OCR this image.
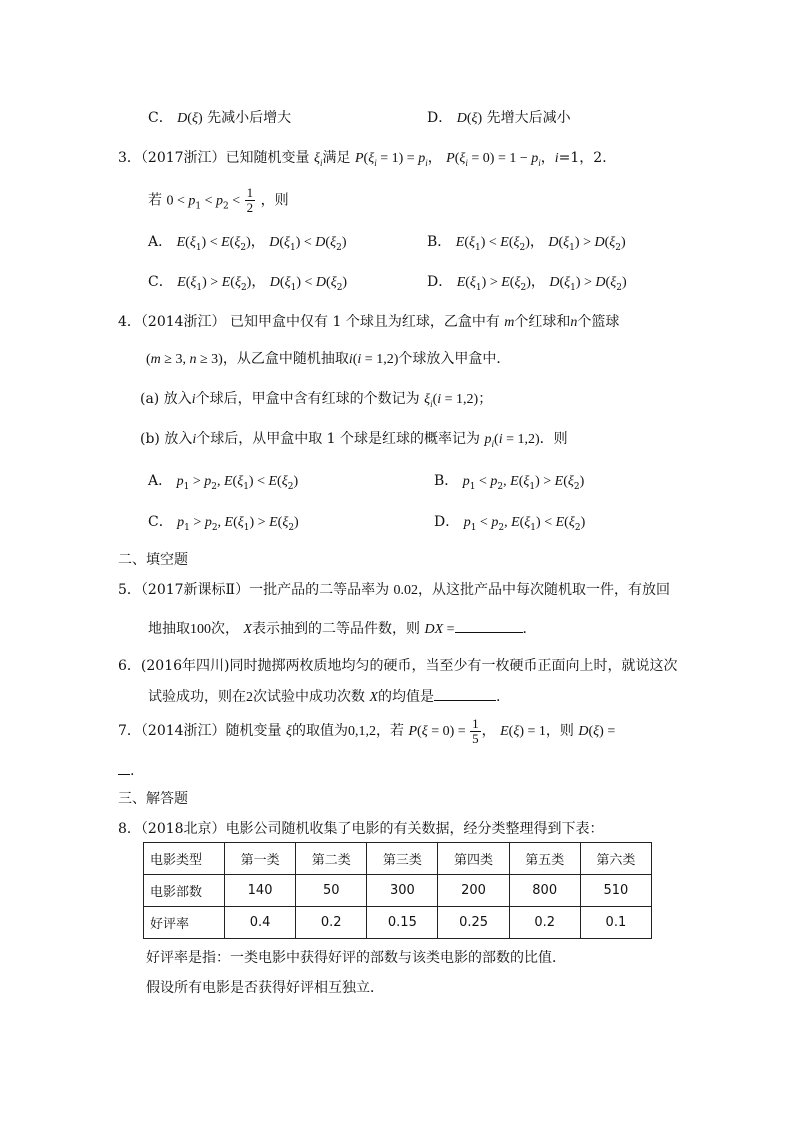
C． D(ξ) 先减小后增大	D． D(ξ) 先增大后减小
3．（2017浙江）已知随机变量 $\xi_i$满足 $P(\xi_i = 1) = p_i$， $P(\xi_i = 0) = 1 - p_i$，i=1，2．
若 $0 < p_1 < p_2 < \frac{1}{2}$ ，则
A． $E(\xi_1) < E(\xi_2)$， $D(\xi_1) < D(\xi_2)$	B． $E(\xi_1) < E(\xi_2)$， $D(\xi_1) > D(\xi_2)$
C． $E(\xi_1) > E(\xi_2)$， $D(\xi_1) < D(\xi_2)$	D． $E(\xi_1) > E(\xi_2)$， $D(\xi_1) > D(\xi_2)$
4．（2014浙江） 已知甲盒中仅有 1 个球且为红球，乙盒中有 m个红球和n个篮球
(m ≥ 3, n ≥ 3)，从乙盒中随机抽取i(i = 1,2)个球放入甲盒中．
(a) 放入i个球后，甲盒中含有红球的个数记为 $\xi_i(i = 1,2)$；
(b) 放入i个球后，从甲盒中取 1 个球是红球的概率记为 $p_i(i = 1,2)$．则
A． $p_1 > p_2$, $E(\xi_1) < E(\xi_2)$	B． $p_1 < p_2$, $E(\xi_1) > E(\xi_2)$
C． $p_1 > p_2$, $E(\xi_1) > E(\xi_2)$	D． $p_1 < p_2$, $E(\xi_1) < E(\xi_2)$
二、填空题
5．（2017新课标Ⅱ）一批产品的二等品率为 0.02，从这批产品中每次随机取一件，有放回
地抽取100次， X表示抽到的二等品件数，则 DX =	．
6．(2016年四川)同时抛掷两枚质地均匀的硬币，当至少有一枚硬币正面向上时，就说这次
试验成功，则在2次试验中成功次数 X的均值是	.
7．（2014浙江）随机变量 ξ的取值为0,1,2，若 $P(\xi = 0) = \frac{1}{5}$ ， E(ξ) = 1，则 D(ξ) =
.
三、解答题
8．（2018北京）电影公司随机收集了电影的有关数据，经分类整理得到下表：
电影类型	第一类	第二类	第三类	第四类	第五类	第六类
电影部数	140	50	300	200	800	510
好评率	0.4	0.2	0.15	0.25	0.2	0.1
好评率是指：一类电影中获得好评的部数与该类电影的部数的比值．
假设所有电影是否获得好评相互独立．
